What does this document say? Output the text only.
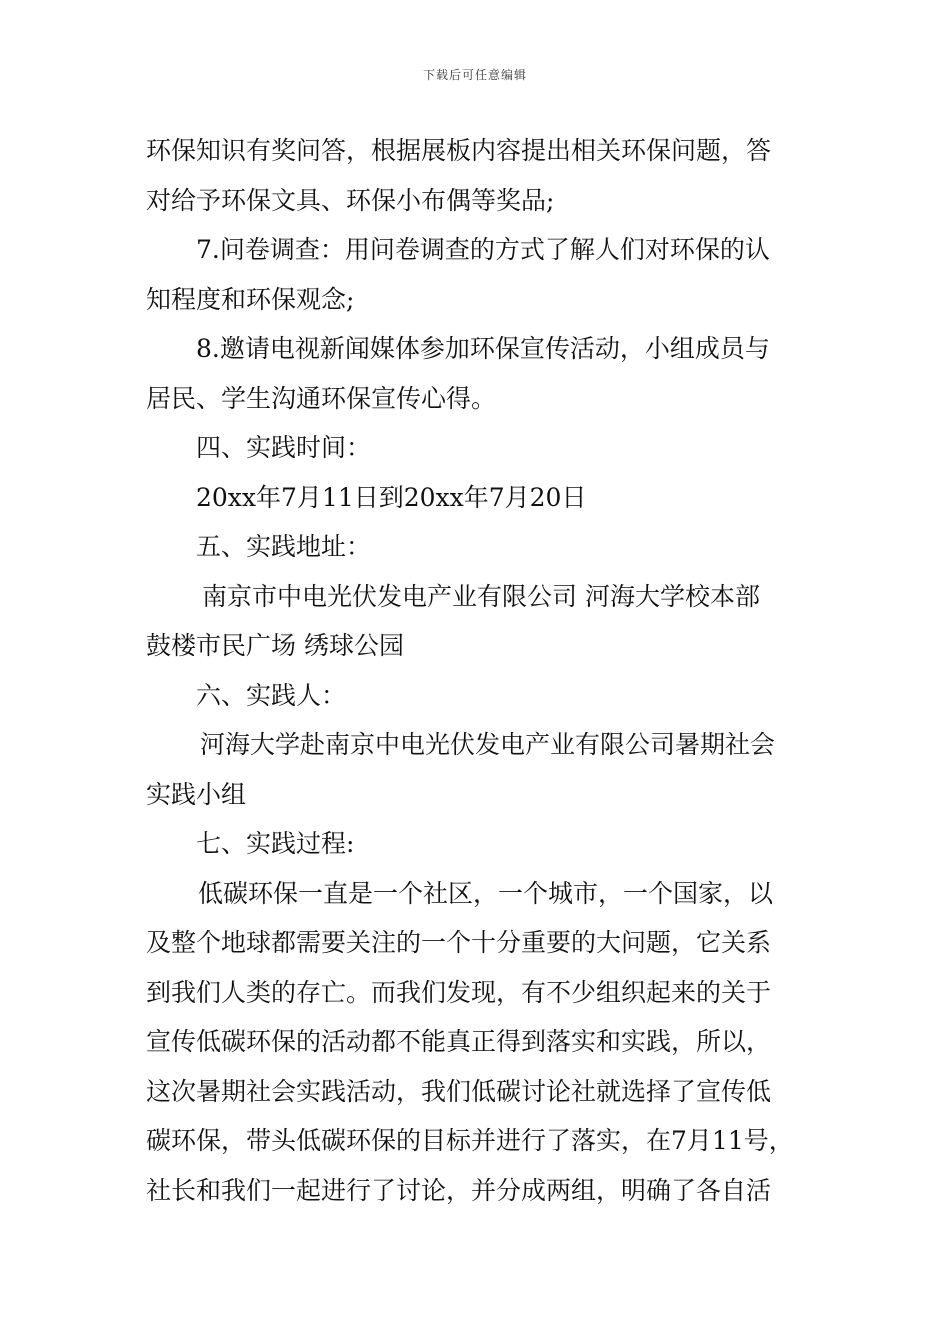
下载后可任意编辑
环保知识有奖问答，根据展板内容提出相关环保问题，答
对给予环保文具、环保小布偶等奖品;
7.问卷调查：用问卷调查的方式了解人们对环保的认
知程度和环保观念;
8.邀请电视新闻媒体参加环保宣传活动，小组成员与
居民、学生沟通环保宣传心得。
四、实践时间：
20xx年7月11日到20xx年7月20日
五、实践地址：
南京市中电光伏发电产业有限公司 河海大学校本部
鼓楼市民广场 绣球公园
六、实践人：
河海大学赴南京中电光伏发电产业有限公司暑期社会
实践小组
七、实践过程:
低碳环保一直是一个社区，一个城市，一个国家，以
及整个地球都需要关注的一个十分重要的大问题，它关系
到我们人类的存亡。而我们发现，有不少组织起来的关于
宣传低碳环保的活动都不能真正得到落实和实践，所以，
这次暑期社会实践活动，我们低碳讨论社就选择了宣传低
碳环保，带头低碳环保的目标并进行了落实，在7月11号，
社长和我们一起进行了讨论，并分成两组，明确了各自活
